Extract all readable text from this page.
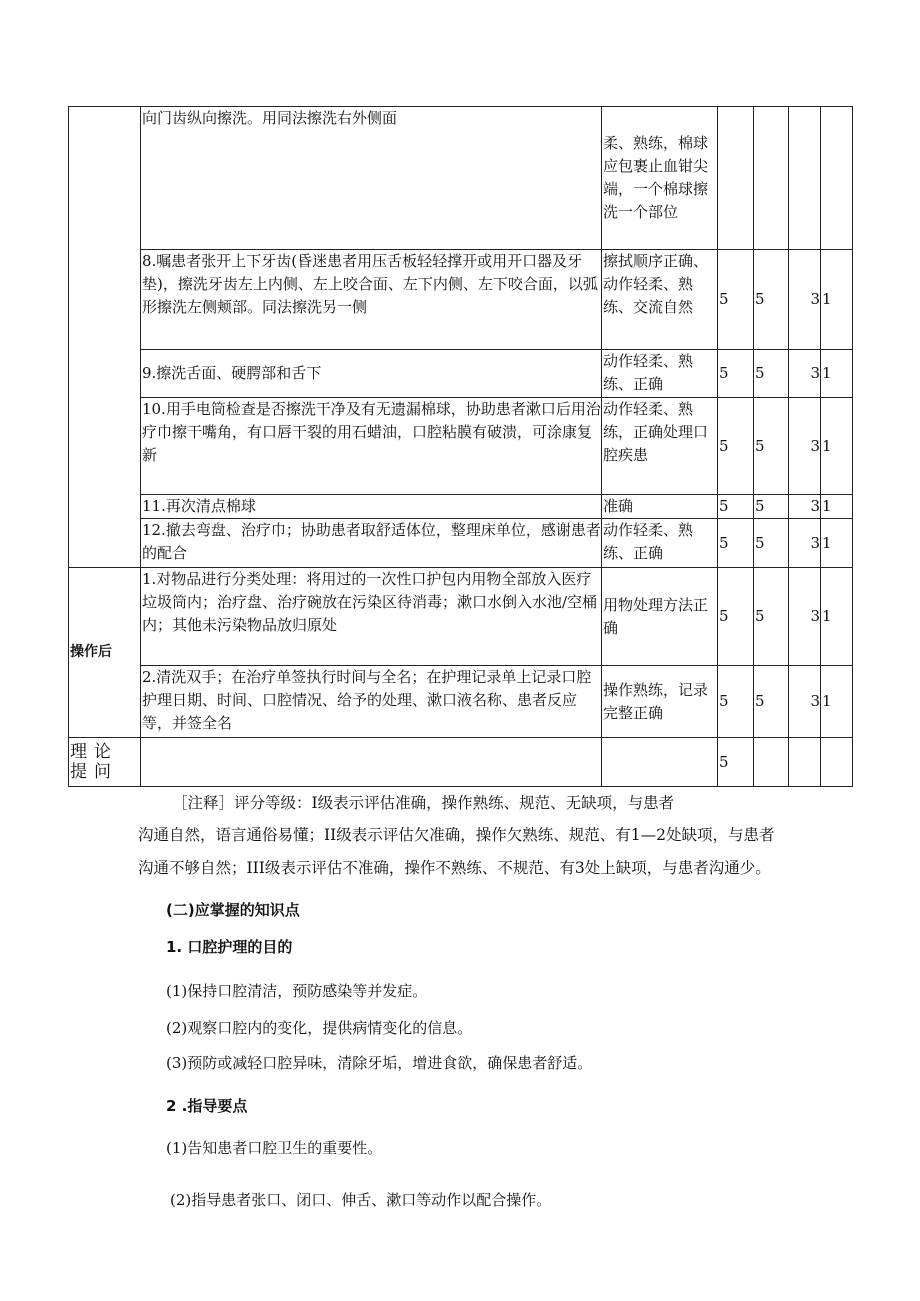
	向门齿纵向擦洗。用同法擦洗右外侧面	柔、熟练，棉球应包裹止血钳尖端，一个棉球擦洗一个部位				
	8.嘱患者张开上下牙齿(昏迷患者用压舌板轻轻撑开或用开口器及牙垫)，擦洗牙齿左上内侧、左上咬合面、左下内侧、左下咬合面，以弧形擦洗左侧颊部。同法擦洗另一侧	擦拭顺序正确、动作轻柔、熟练、交流自然	5	5	3	1
	9.擦洗舌面、硬腭部和舌下	动作轻柔、熟练、正确	5	5	3	1
	10.用手电筒检查是否擦洗干净及有无遗漏棉球，协助患者漱口后用治疗巾擦干嘴角，有口唇干裂的用石蜡油，口腔粘膜有破溃，可涂康复新	动作轻柔、熟练，正确处理口腔疾患	5	5	3	1
	11.再次清点棉球	准确	5	5	3	1
	12.撤去弯盘、治疗巾；协助患者取舒适体位，整理床单位，感谢患者的配合	动作轻柔、熟练、正确	5	5	3	1
操作后	1.对物品进行分类处理：将用过的一次性口护包内用物全部放入医疗垃圾筒内；治疗盘、治疗碗放在污染区待消毒；漱口水倒入水池/空桶内；其他未污染物品放归原处	用物处理方法正确	5	5	3	1
	2.清洗双手；在治疗单签执行时间与全名；在护理记录单上记录口腔护理日期、时间、口腔情况、给予的处理、漱口液名称、患者反应等，并签全名	操作熟练，记录完整正确	5	5	3	1
理论提问			5			
［注释］评分等级：I级表示评估准确，操作熟练、规范、无缺项，与患者
沟通自然，语言通俗易懂；II级表示评估欠准确，操作欠熟练、规范、有1—2处缺项，与患者
沟通不够自然；III级表示评估不准确，操作不熟练、不规范、有3处上缺项，与患者沟通少。
(二)应掌握的知识点
1. 口腔护理的目的
(1)保持口腔清洁，预防感染等并发症。
(2)观察口腔内的变化，提供病情变化的信息。
(3)预防或减轻口腔异味，清除牙垢，增进食欲，确保患者舒适。
2 .指导要点
(1)告知患者口腔卫生的重要性。
(2)指导患者张口、闭口、伸舌、漱口等动作以配合操作。
